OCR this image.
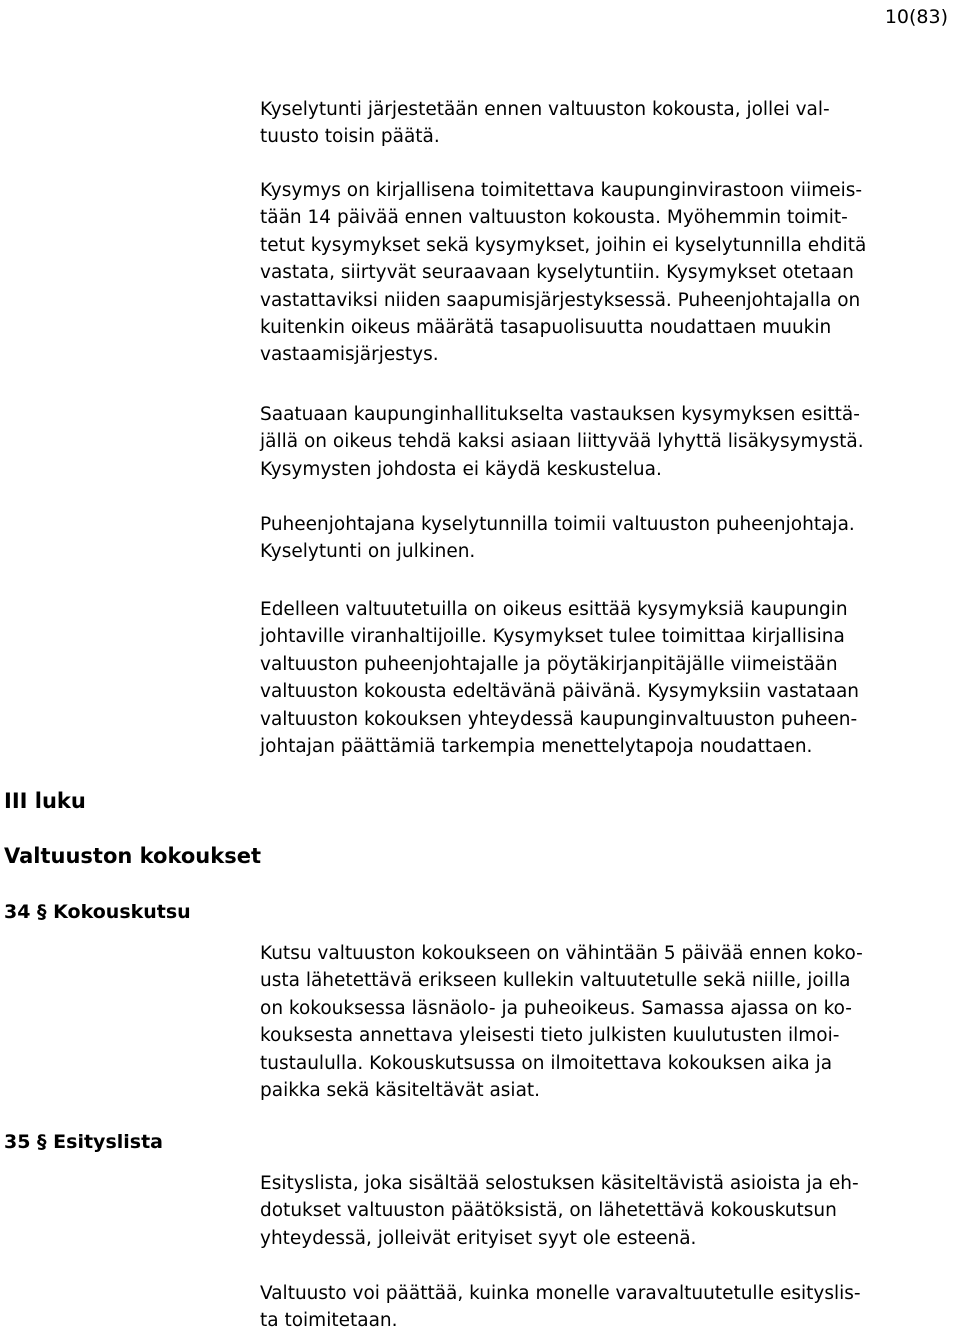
10(83)

Kyselytunti järjestetään ennen valtuuston kokousta, jollei val-
tuusto toisin päätä.

Kysymys on kirjallisena toimitettava kaupunginvirastoon viimeis-
tään 14 päivää ennen valtuuston kokousta. Myöhemmin toimit-
tetut kysymykset sekä kysymykset, joihin ei kyselytunnilla ehditä
vastata, siirtyvät seuraavaan kyselytuntiin. Kysymykset otetaan
vastattaviksi niiden saapumisjärjestyksessä. Puheenjohtajalla on
kuitenkin oikeus määrätä tasapuolisuutta noudattaen muukin
vastaamisjärjestys.

Saatuaan kaupunginhallitukselta vastauksen kysymyksen esittä-
jällä on oikeus tehdä kaksi asiaan liittyvää lyhyttä lisäkysymystä.
Kysymysten johdosta ei käydä keskustelua.

Puheenjohtajana kyselytunnilla toimii valtuuston puheenjohtaja.
Kyselytunti on julkinen.

Edelleen valtuutetuilla on oikeus esittää kysymyksiä kaupungin
johtaville viranhaltijoille. Kysymykset tulee toimittaa kirjallisina
valtuuston puheenjohtajalle ja pöytäkirjanpitäjälle viimeistään
valtuuston kokousta edeltävänä päivänä. Kysymyksiin vastataan
valtuuston kokouksen yhteydessä kaupunginvaltuuston puheen-
johtajan päättämiä tarkempia menettelytapoja noudattaen.

III luku
Valtuuston kokoukset
34 § Kokouskutsu

Kutsu valtuuston kokoukseen on vähintään 5 päivää ennen koko-
usta lähetettävä erikseen kullekin valtuutetulle sekä niille, joilla
on kokouksessa läsnäolo- ja puheoikeus. Samassa ajassa on ko-
kouksesta annettava yleisesti tieto julkisten kuulutusten ilmoi-
tustaululla. Kokouskutsussa on ilmoitettava kokouksen aika ja
paikka sekä käsiteltävät asiat.

35 § Esityslista

Esityslista, joka sisältää selostuksen käsiteltävistä asioista ja eh-
dotukset valtuuston päätöksistä, on lähetettävä kokouskutsun
yhteydessä, jolleivät erityiset syyt ole esteenä.

Valtuusto voi päättää, kuinka monelle varavaltuutetulle esityslis-
ta toimitetaan.
